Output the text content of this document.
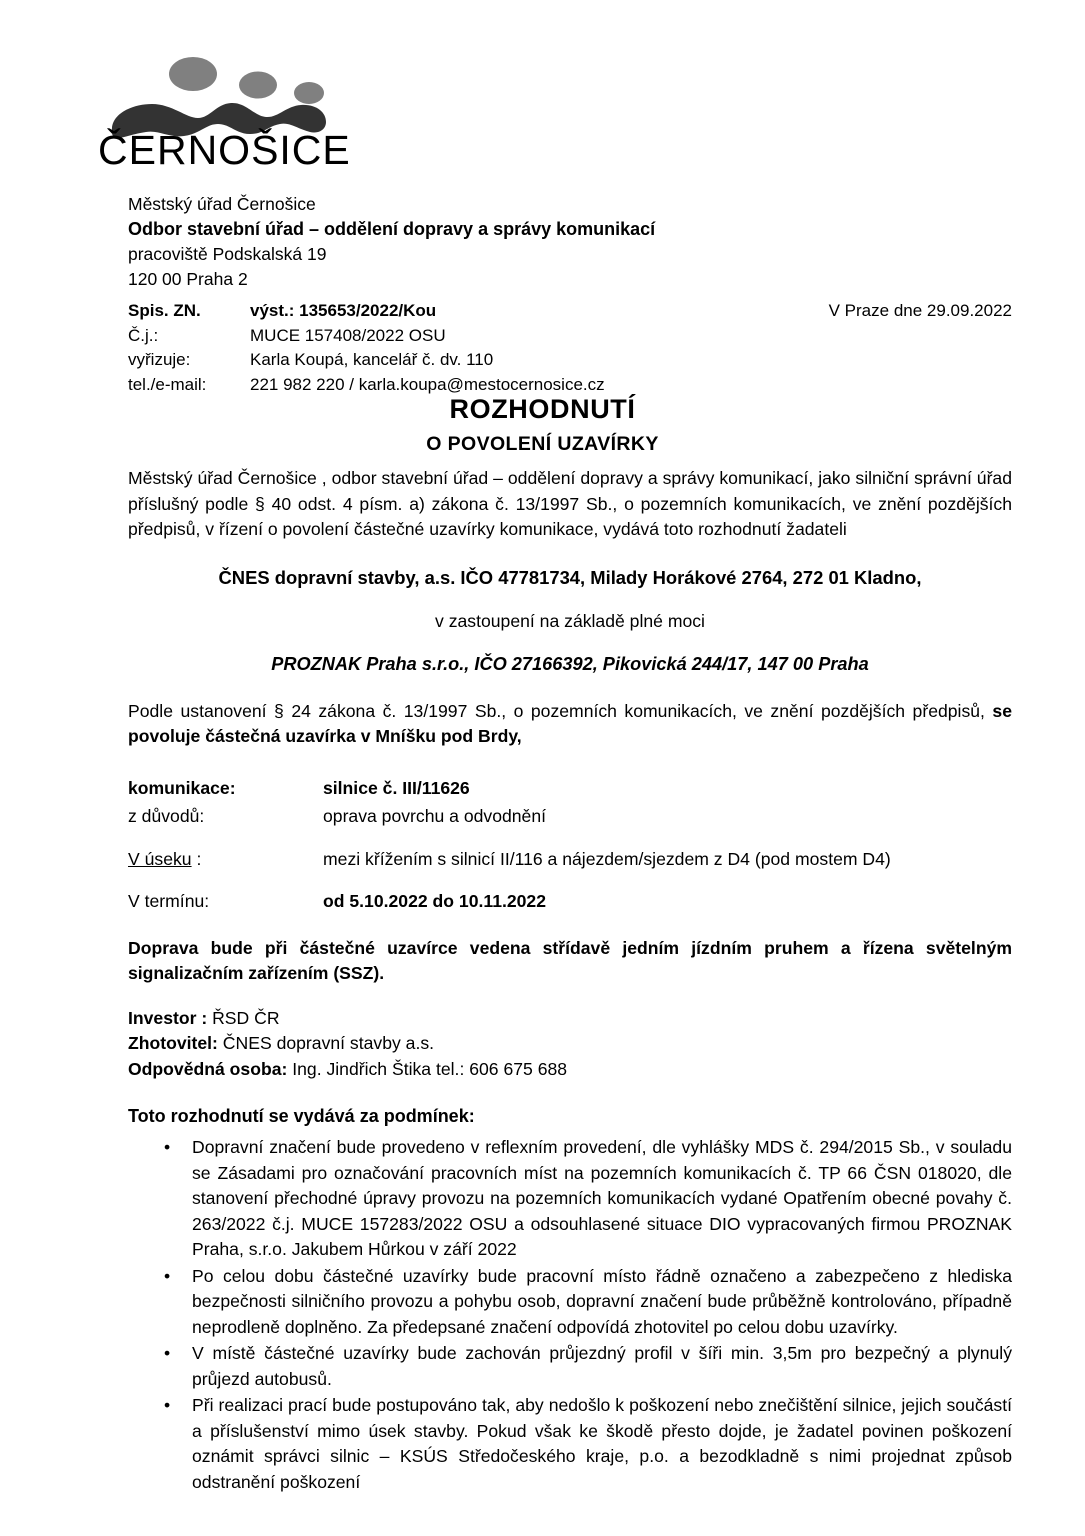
ČERNOŠICE
Městský úřad Černošice
Odbor stavební úřad – oddělení dopravy a správy komunikací
pracoviště Podskalská 19
120 00 Praha 2
Spis. ZN.	výst.: 135653/2022/Kou	V Praze dne 29.09.2022
Č.j.:	MUCE 157408/2022 OSU
vyřizuje:	Karla Koupá, kancelář č. dv. 110
tel./e-mail:	221 982 220 / karla.koupa@mestocernosice.cz
ROZHODNUTÍ
O POVOLENÍ UZAVÍRKY

Městský úřad Černošice , odbor stavební úřad – oddělení dopravy a správy komunikací, jako silniční správní úřad příslušný podle § 40 odst. 4 písm. a) zákona č. 13/1997 Sb., o pozemních komunikacích, ve znění pozdějších předpisů, v řízení o povolení částečné uzavírky komunikace, vydává toto rozhodnutí žadateli

ČNES dopravní stavby, a.s. IČO 47781734, Milady Horákové 2764, 272 01 Kladno,

v zastoupení na základě plné moci

PROZNAK Praha s.r.o., IČO 27166392, Pikovická 244/17, 147 00 Praha

Podle ustanovení § 24 zákona č. 13/1997 Sb., o pozemních komunikacích, ve znění pozdějších předpisů, se povoluje částečná uzavírka v Mníšku pod Brdy,

komunikace:	silnice č. III/11626
z důvodů:	oprava povrchu a odvodnění
V úseku :	mezi křížením s silnicí II/116 a nájezdem/sjezdem z D4 (pod mostem D4)
V termínu:	od 5.10.2022 do 10.11.2022

Doprava bude při částečné uzavírce vedena střídavě jedním jízdním pruhem a řízena světelným signalizačním zařízením (SSZ).

Investor : ŘSD ČR
Zhotovitel: ČNES dopravní stavby a.s.
Odpovědná osoba: Ing. Jindřich Štika tel.: 606 675 688

Toto rozhodnutí se vydává za podmínek:

• Dopravní značení bude provedeno v reflexním provedení, dle vyhlášky MDS č. 294/2015 Sb., v souladu se Zásadami pro označování pracovních míst na pozemních komunikacích č. TP 66 ČSN 018020, dle stanovení přechodné úpravy provozu na pozemních komunikacích vydané Opatřením obecné povahy č. 263/2022 č.j. MUCE 157283/2022 OSU a odsouhlasené situace DIO vypracovaných firmou PROZNAK Praha, s.r.o. Jakubem Hůrkou v září 2022
• Po celou dobu částečné uzavírky bude pracovní místo řádně označeno a zabezpečeno z hlediska bezpečnosti silničního provozu a pohybu osob, dopravní značení bude průběžně kontrolováno, případně neprodleně doplněno. Za předepsané značení odpovídá zhotovitel po celou dobu uzavírky.
• V místě částečné uzavírky bude zachován průjezdný profil v šíři min. 3,5m pro bezpečný a plynulý průjezd autobusů.
• Při realizaci prací bude postupováno tak, aby nedošlo k poškození nebo znečištění silnice, jejich součástí a příslušenství mimo úsek stavby. Pokud však ke škodě přesto dojde, je žadatel povinen poškození oznámit správci silnic – KSÚS Středočeského kraje, p.o. a bezodkladně s nimi projednat způsob odstranění poškození
